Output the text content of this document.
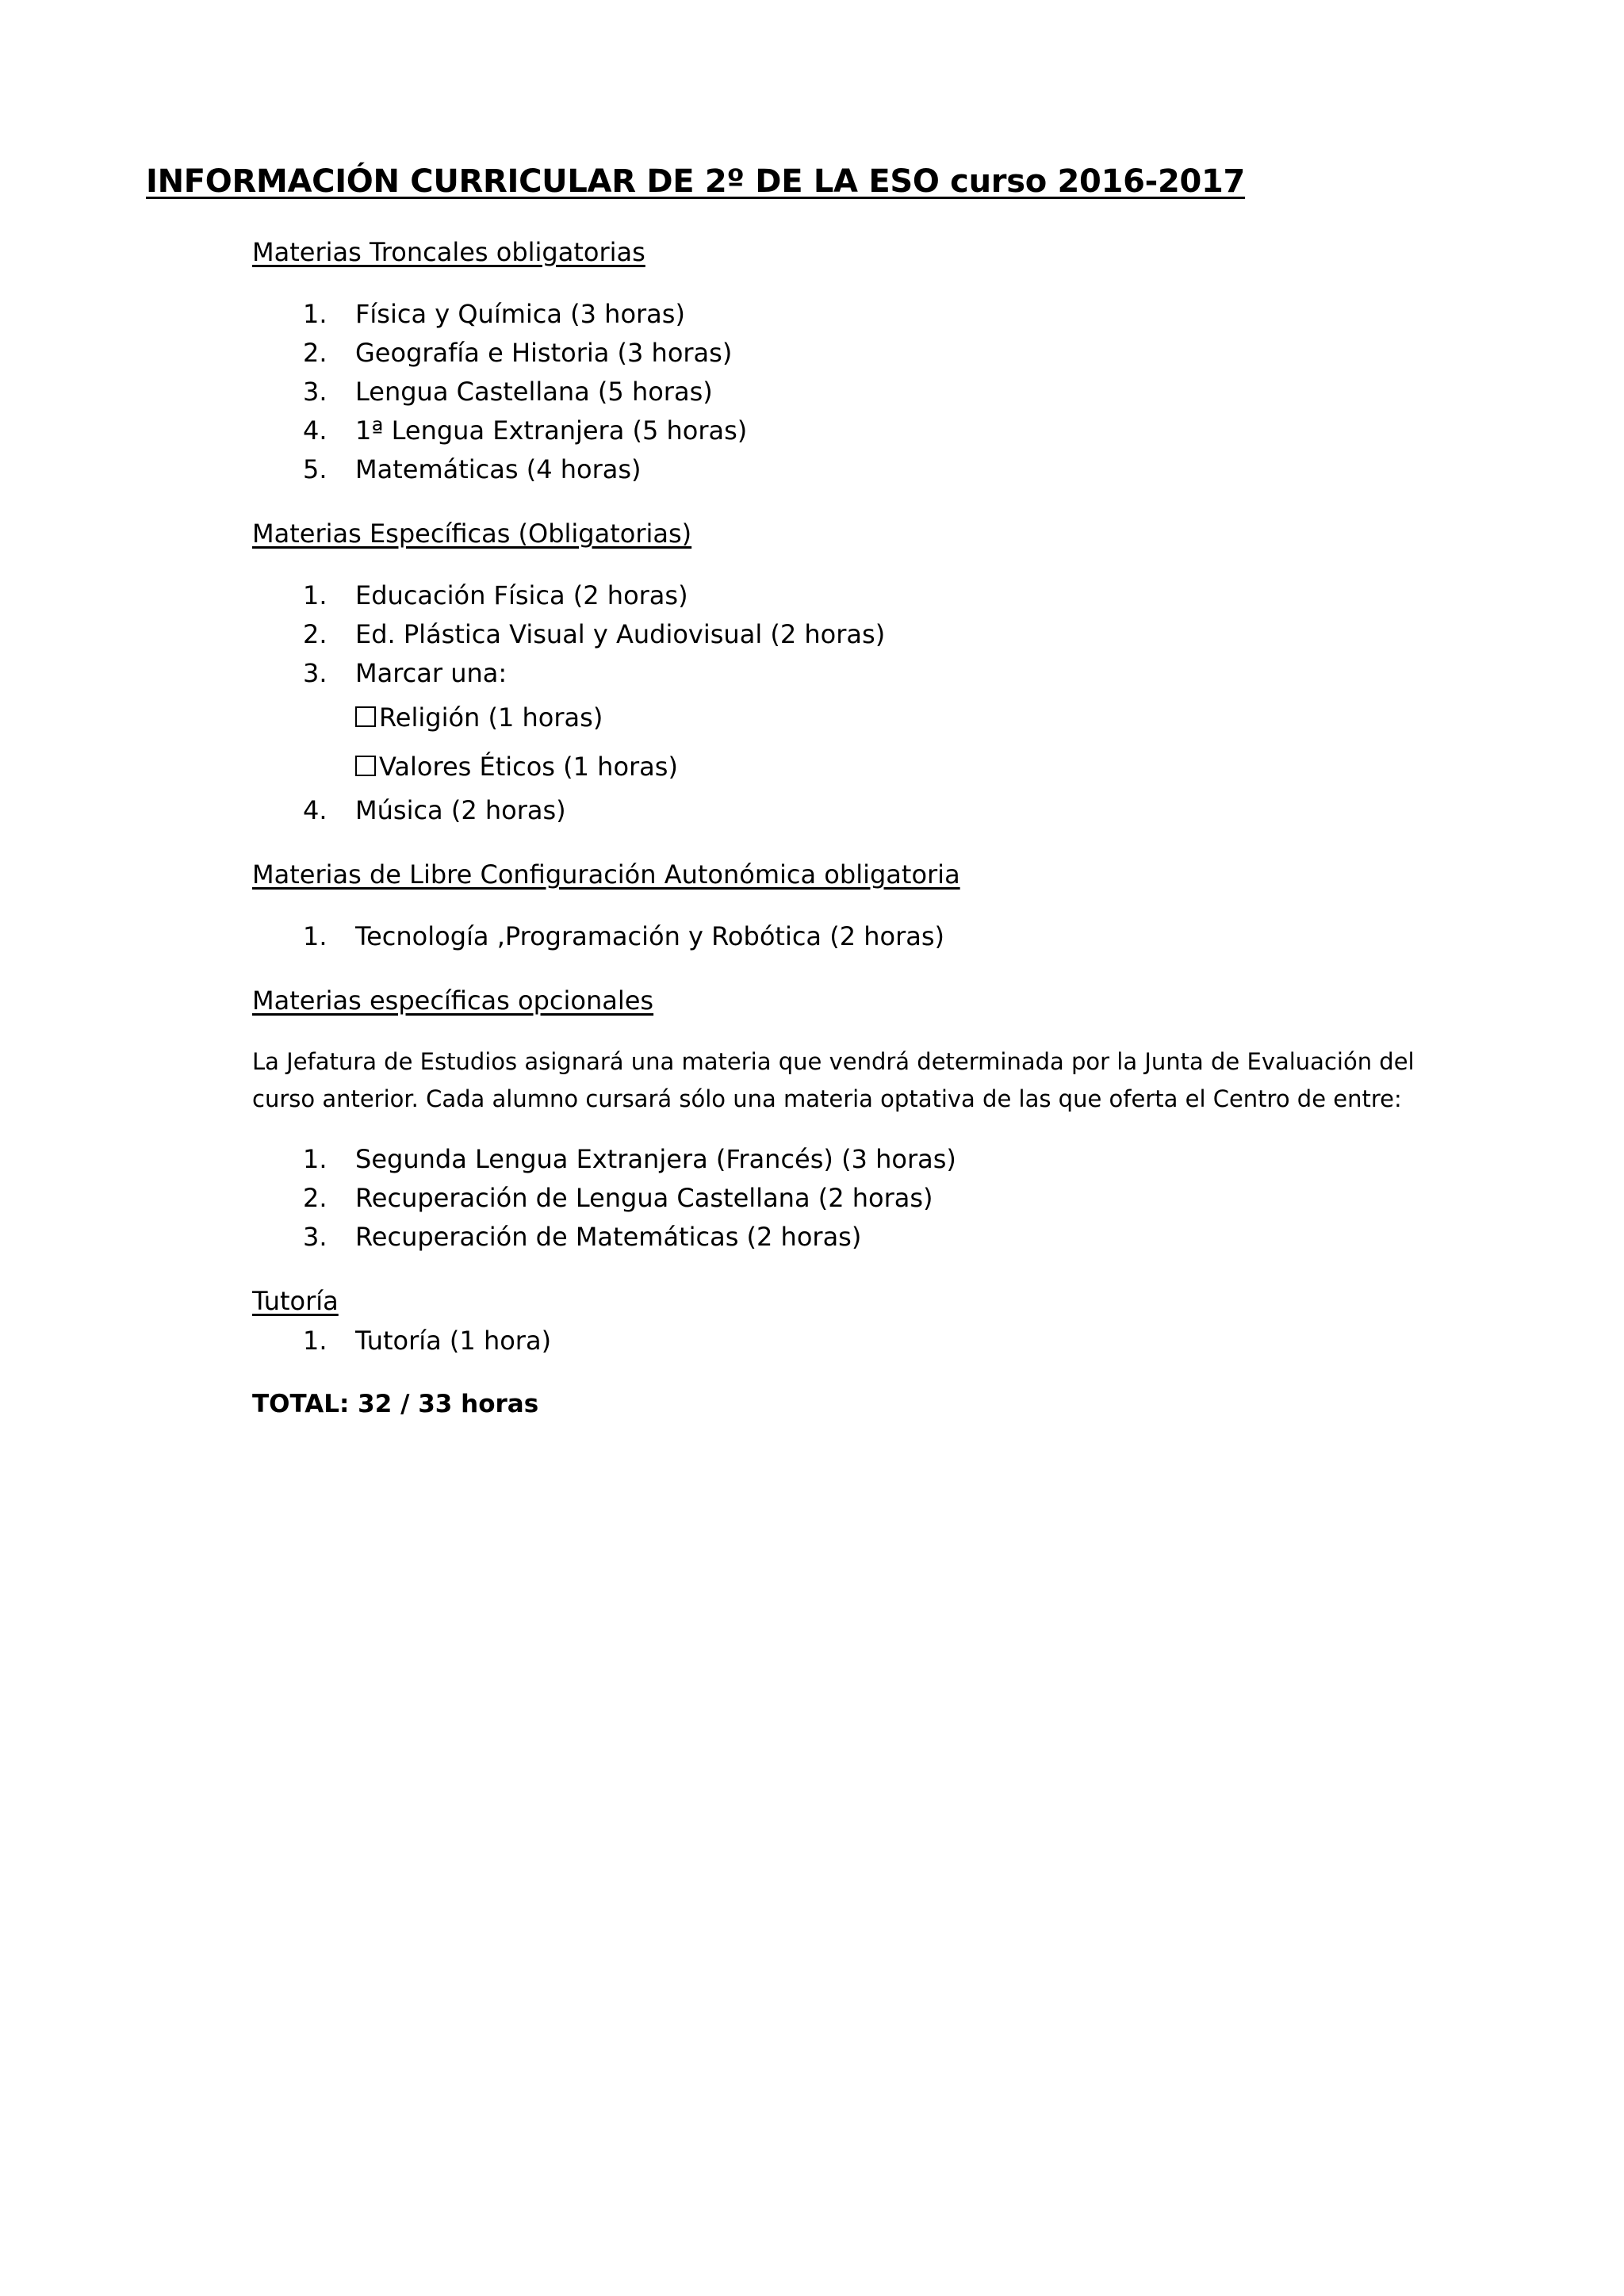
INFORMACIÓN CURRICULAR DE 2º DE LA ESO curso 2016-2017

Materias Troncales obligatorias

1. Física y Química (3 horas)
2. Geografía e Historia (3 horas)
3. Lengua Castellana (5 horas)
4. 1ª Lengua Extranjera (5 horas)
5. Matemáticas (4 horas)

Materias Específicas (Obligatorias)

1. Educación Física (2 horas)
2. Ed. Plástica Visual y Audiovisual (2 horas)
3. Marcar una:
Religión (1 horas)
Valores Éticos (1 horas)
4. Música (2 horas)

Materias de Libre Configuración Autonómica obligatoria

1. Tecnología ,Programación y Robótica (2 horas)

Materias específicas opcionales

La Jefatura de Estudios asignará una materia que vendrá determinada por la Junta de Evaluación del curso anterior. Cada alumno cursará sólo una materia optativa de las que oferta el Centro de entre:

1. Segunda Lengua Extranjera (Francés) (3 horas)
2. Recuperación de Lengua Castellana (2 horas)
3. Recuperación de Matemáticas (2 horas)

Tutoría

1. Tutoría (1 hora)

TOTAL: 32 / 33 horas
